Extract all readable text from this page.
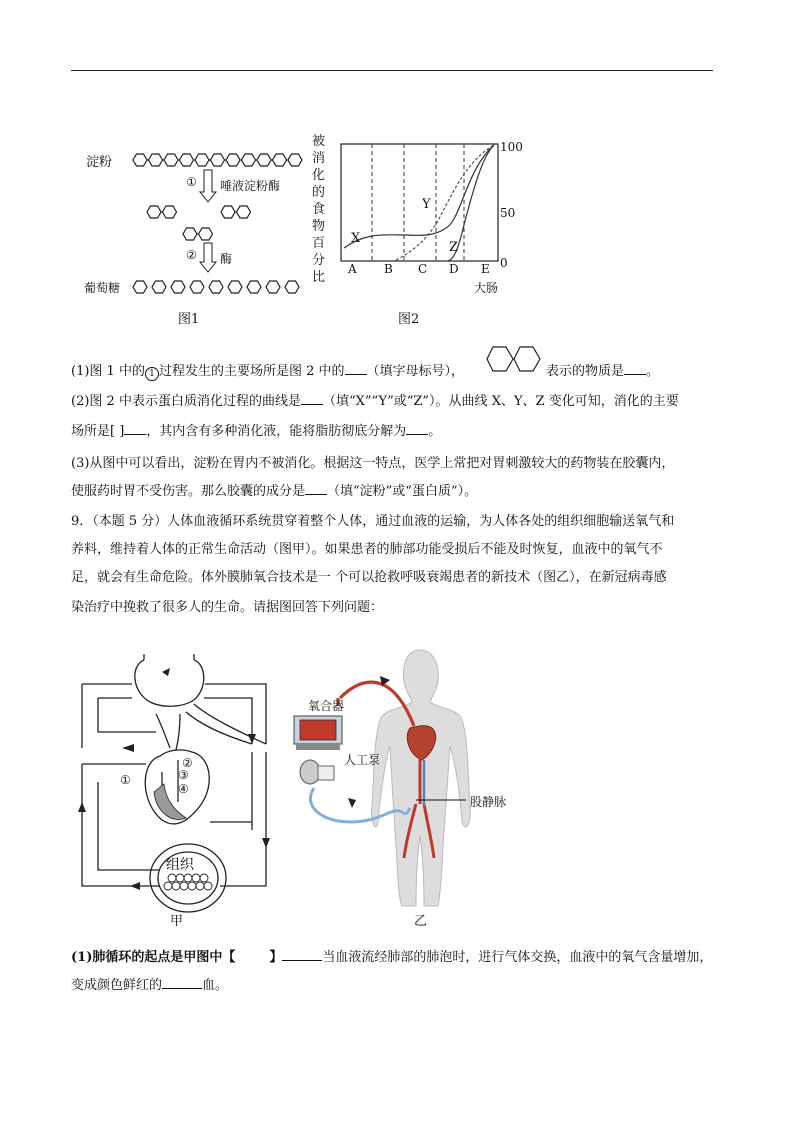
淀粉
① 唾液淀粉酶
② 酶
葡萄糖
图1
被
消
化
的
食
物
百
分
比
X
Y
Z
100
50
0
A B C D E
大肠
图2
(1)图 1 中的 1 过程发生的主要场所是图 2 中的 （填字母标号），	表示的物质是 。
(2)图 2 中表示蛋白质消化过程的曲线是 （填“X”“Y”或“Z”）。从曲线 X、Y、Z 变化可知，消化的主要
场所是[ ] ，其内含有多种消化液，能将脂肪彻底分解为 。
(3)从图中可以看出，淀粉在胃内不被消化。根据这一特点，医学上常把对胃刺激较大的药物装在胶囊内，
使服药时胃不受伤害。那么胶囊的成分是 （填“淀粉”或“蛋白质”）。
9．（本题 5 分）人体血液循环系统贯穿着整个人体，通过血液的运输，为人体各处的组织细胞输送氧气和
养料，维持着人体的正常生命活动（图甲）。如果患者的肺部功能受损后不能及时恢复，血液中的氧气不
足，就会有生命危险。体外膜肺氧合技术是一 个可以抢救呼吸衰竭患者的新技术（图乙），在新冠病毒感
染治疗中挽救了很多人的生命。请据图回答下列问题：
①
②
③
④
组织
甲
氧合器
人工泵
股静脉
乙
(1)肺循环的起点是甲图中【	】	当血液流经肺部的肺泡时，进行气体交换，血液中的氧气含量增加，
变成颜色鲜红的	血。
